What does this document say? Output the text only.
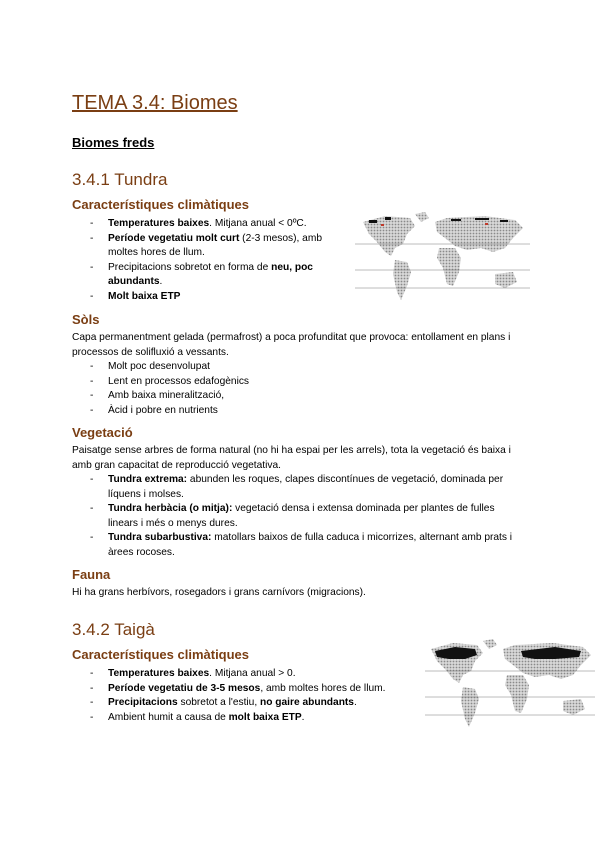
TEMA 3.4: Biomes
Biomes freds
3.4.1 Tundra
Característiques climàtiques
- Temperatures baixes. Mitjana anual < 0ºC.
- Període vegetatiu molt curt (2-3 mesos), amb moltes hores de llum.
- Precipitacions sobretot en forma de neu, poc abundants.
- Molt baixa ETP
Sòls

Capa permanentment gelada (permafrost) a poca profunditat que provoca: entollament en plans i processos de solifluxió a vessants.

- Molt poc desenvolupat
- Lent en processos edafogènics
- Amb baixa mineralització,
- Àcid i pobre en nutrients
Vegetació

Paisatge sense arbres de forma natural (no hi ha espai per les arrels), tota la vegetació és baixa i amb gran capacitat de reproducció vegetativa.

- Tundra extrema: abunden les roques, clapes discontínues de vegetació, dominada per líquens i molses.
- Tundra herbàcia (o mitja): vegetació densa i extensa dominada per plantes de fulles linears i més o menys dures.
- Tundra subarbustiva: matollars baixos de fulla caduca i micorrizes, alternant amb prats i àrees rocoses.
Fauna

Hi ha grans herbívors, rosegadors i grans carnívors (migracions).

3.4.2 Taigà
Característiques climàtiques
- Temperatures baixes. Mitjana anual > 0.
- Període vegetatiu de 3-5 mesos, amb moltes hores de llum.
- Precipitacions sobretot a l'estiu, no gaire abundants.
- Ambient humit a causa de molt baixa ETP.
